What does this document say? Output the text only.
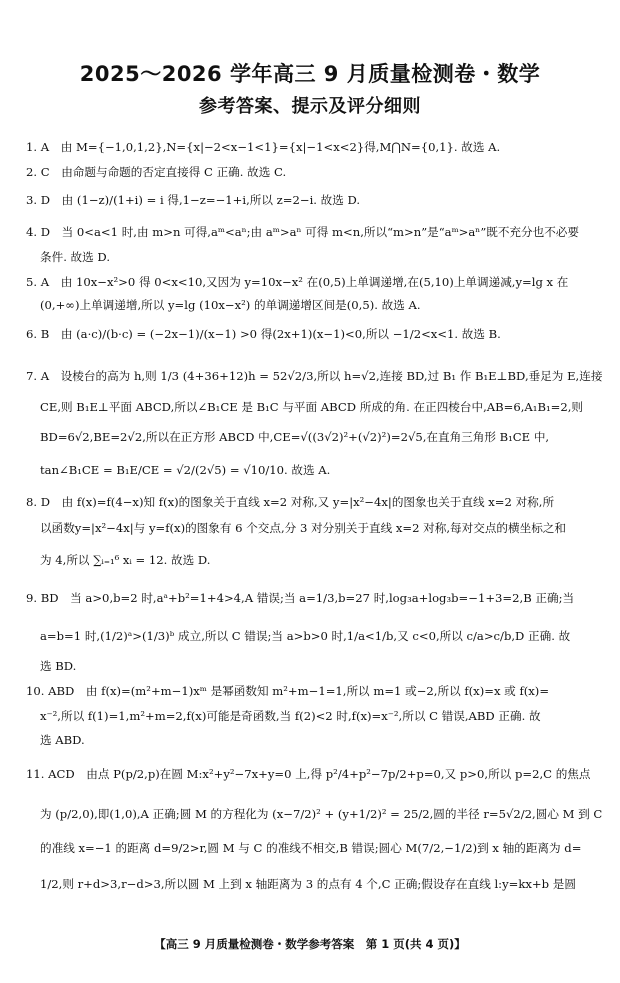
2025～2026 学年高三 9 月质量检测卷・数学
参考答案、提示及评分细则
1. A　由 M={−1,0,1,2},N={x|−2<x−1<1}={x|−1<x<2}得,M⋂N={0,1}. 故选 A.
2. C　由命题与命题的否定直接得 C 正确. 故选 C.
3. D　由 (1−z)/(1+i) = i 得,1−z=−1+i,所以 z=2−i. 故选 D.
4. D　当 0<a<1 时,由 m>n 可得,aᵐ<aⁿ;由 aᵐ>aⁿ 可得 m<n,所以“m>n”是“aᵐ>aⁿ”既不充分也不必要
条件. 故选 D.
5. A　由 10x−x²>0 得 0<x<10,又因为 y=10x−x² 在(0,5)上单调递增,在(5,10)上单调递减,y=lg x 在
(0,+∞)上单调递增,所以 y=lg (10x−x²) 的单调递增区间是(0,5). 故选 A.
6. B　由 (a·c)/(b·c) = (−2x−1)/(x−1) >0 得(2x+1)(x−1)<0,所以 −1/2<x<1. 故选 B.
7. A　设棱台的高为 h,则 1/3 (4+36+12)h = 52√2/3,所以 h=√2,连接 BD,过 B₁ 作 B₁E⊥BD,垂足为 E,连接
CE,则 B₁E⊥平面 ABCD,所以∠B₁CE 是 B₁C 与平面 ABCD 所成的角. 在正四棱台中,AB=6,A₁B₁=2,则
BD=6√2,BE=2√2,所以在正方形 ABCD 中,CE=√((3√2)²+(√2)²)=2√5,在直角三角形 B₁CE 中,
tan∠B₁CE = B₁E/CE = √2/(2√5) = √10/10. 故选 A.
8. D　由 f(x)=f(4−x)知 f(x)的图象关于直线 x=2 对称,又 y=|x²−4x|的图象也关于直线 x=2 对称,所
以函数y=|x²−4x|与 y=f(x)的图象有 6 个交点,分 3 对分别关于直线 x=2 对称,每对交点的横坐标之和
为 4,所以 ∑ᵢ₌₁⁶ xᵢ = 12. 故选 D.
9. BD　当 a>0,b=2 时,aᵃ+b²=1+4>4,A 错误;当 a=1/3,b=27 时,log₃a+log₃b=−1+3=2,B 正确;当
a=b=1 时,(1/2)ᵃ>(1/3)ᵇ 成立,所以 C 错误;当 a>b>0 时,1/a<1/b,又 c<0,所以 c/a>c/b,D 正确. 故
选 BD.
10. ABD　由 f(x)=(m²+m−1)xᵐ 是幂函数知 m²+m−1=1,所以 m=1 或−2,所以 f(x)=x 或 f(x)=
x⁻²,所以 f(1)=1,m²+m=2,f(x)可能是奇函数,当 f(2)<2 时,f(x)=x⁻²,所以 C 错误,ABD 正确. 故
选 ABD.
11. ACD　由点 P(p/2,p)在圆 M:x²+y²−7x+y=0 上,得 p²/4+p²−7p/2+p=0,又 p>0,所以 p=2,C 的焦点
为 (p/2,0),即(1,0),A 正确;圆 M 的方程化为 (x−7/2)² + (y+1/2)² = 25/2,圆的半径 r=5√2/2,圆心 M 到 C
的准线 x=−1 的距离 d=9/2>r,圆 M 与 C 的准线不相交,B 错误;圆心 M(7/2,−1/2)到 x 轴的距离为 d=
1/2,则 r+d>3,r−d>3,所以圆 M 上到 x 轴距离为 3 的点有 4 个,C 正确;假设存在直线 l:y=kx+b 是圆
【高三 9 月质量检测卷・数学参考答案　第 1 页(共 4 页)】
